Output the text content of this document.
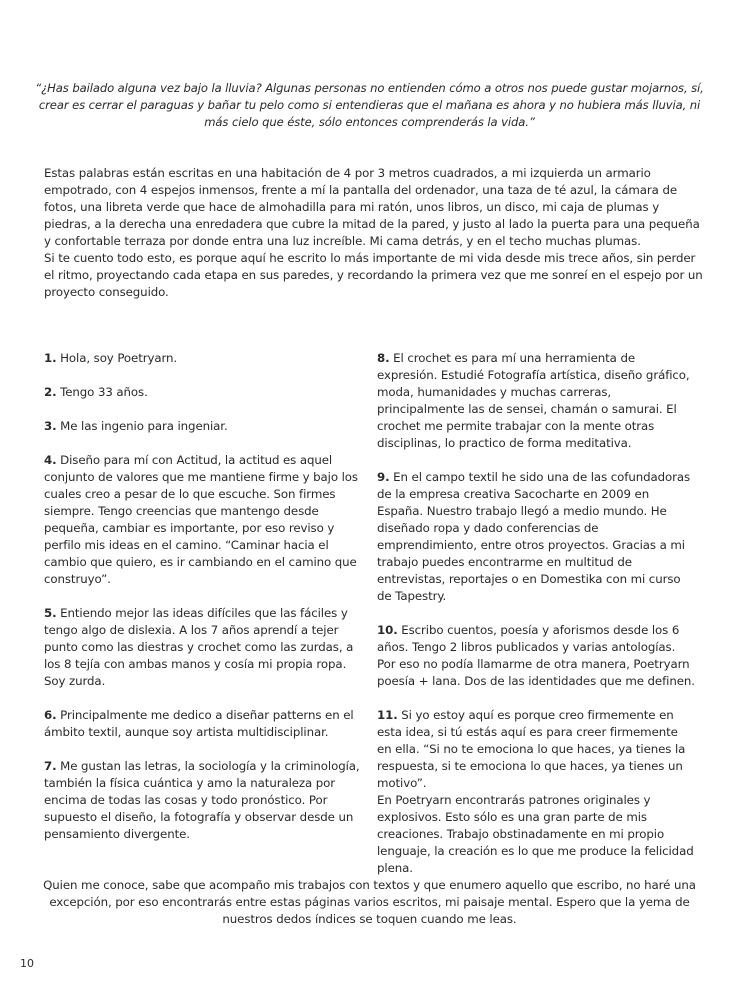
“¿Has bailado alguna vez bajo la lluvia? Algunas personas no entienden cómo a otros nos puede gustar mojarnos, sí, crear es cerrar el paraguas y bañar tu pelo como si entendieras que el mañana es ahora y no hubiera más lluvia, ni más cielo que éste, sólo entonces comprenderás la vida.”

Estas palabras están escritas en una habitación de 4 por 3 metros cuadrados, a mi izquierda un armario empotrado, con 4 espejos inmensos, frente a mí la pantalla del ordenador, una taza de té azul, la cámara de fotos, una libreta verde que hace de almohadilla para mi ratón, unos libros, un disco, mi caja de plumas y piedras, a la derecha una enredadera que cubre la mitad de la pared, y justo al lado la puerta para una pequeña y confortable terraza por donde entra una luz increíble. Mi cama detrás, y en el techo muchas plumas.

Si te cuento todo esto, es porque aquí he escrito lo más importante de mi vida desde mis trece años, sin perder el ritmo, proyectando cada etapa en sus paredes, y recordando la primera vez que me sonreí en el espejo por un proyecto conseguido.

1. Hola, soy Poetryarn.

2. Tengo 33 años.

3. Me las ingenio para ingeniar.

4. Diseño para mí con Actitud, la actitud es aquel conjunto de valores que me mantiene firme y bajo los cuales creo a pesar de lo que escuche. Son firmes siempre. Tengo creencias que mantengo desde pequeña, cambiar es importante, por eso reviso y perfilo mis ideas en el camino. “Caminar hacia el cambio que quiero, es ir cambiando en el camino que construyo”.

5. Entiendo mejor las ideas difíciles que las fáciles y tengo algo de dislexia. A los 7 años aprendí a tejer punto como las diestras y crochet como las zurdas, a los 8 tejía con ambas manos y cosía mi propia ropa. Soy zurda.

6. Principalmente me dedico a diseñar patterns en el ámbito textil, aunque soy artista multidisciplinar.

7. Me gustan las letras, la sociología y la criminología, también la física cuántica y amo la naturaleza por encima de todas las cosas y todo pronóstico. Por supuesto el diseño, la fotografía y observar desde un pensamiento divergente.

8. El crochet es para mí una herramienta de expresión. Estudié Fotografía artística, diseño gráfico, moda, humanidades y muchas carreras, principalmente las de sensei, chamán o samurai. El crochet me permite trabajar con la mente otras disciplinas, lo practico de forma meditativa.

9. En el campo textil he sido una de las cofundadoras de la empresa creativa Sacocharte en 2009 en España. Nuestro trabajo llegó a medio mundo. He diseñado ropa y dado conferencias de emprendimiento, entre otros proyectos. Gracias a mi trabajo puedes encontrarme en multitud de entrevistas, reportajes o en Domestika con mi curso de Tapestry.

10. Escribo cuentos, poesía y aforismos desde los 6 años. Tengo 2 libros publicados y varias antologías. Por eso no podía llamarme de otra manera, Poetryarn poesía + lana. Dos de las identidades que me definen.

11. Si yo estoy aquí es porque creo firmemente en esta idea, si tú estás aquí es para creer firmemente en ella. “Si no te emociona lo que haces, ya tienes la respuesta, si te emociona lo que haces, ya tienes un motivo”.
En Poetryarn encontrarás patrones originales y explosivos. Esto sólo es una gran parte de mis creaciones. Trabajo obstinadamente en mi propio lenguaje, la creación es lo que me produce la felicidad plena.

Quien me conoce, sabe que acompaño mis trabajos con textos y que enumero aquello que escribo, no haré una excepción, por eso encontrarás entre estas páginas varios escritos, mi paisaje mental. Espero que la yema de nuestros dedos índices se toquen cuando me leas.
10
